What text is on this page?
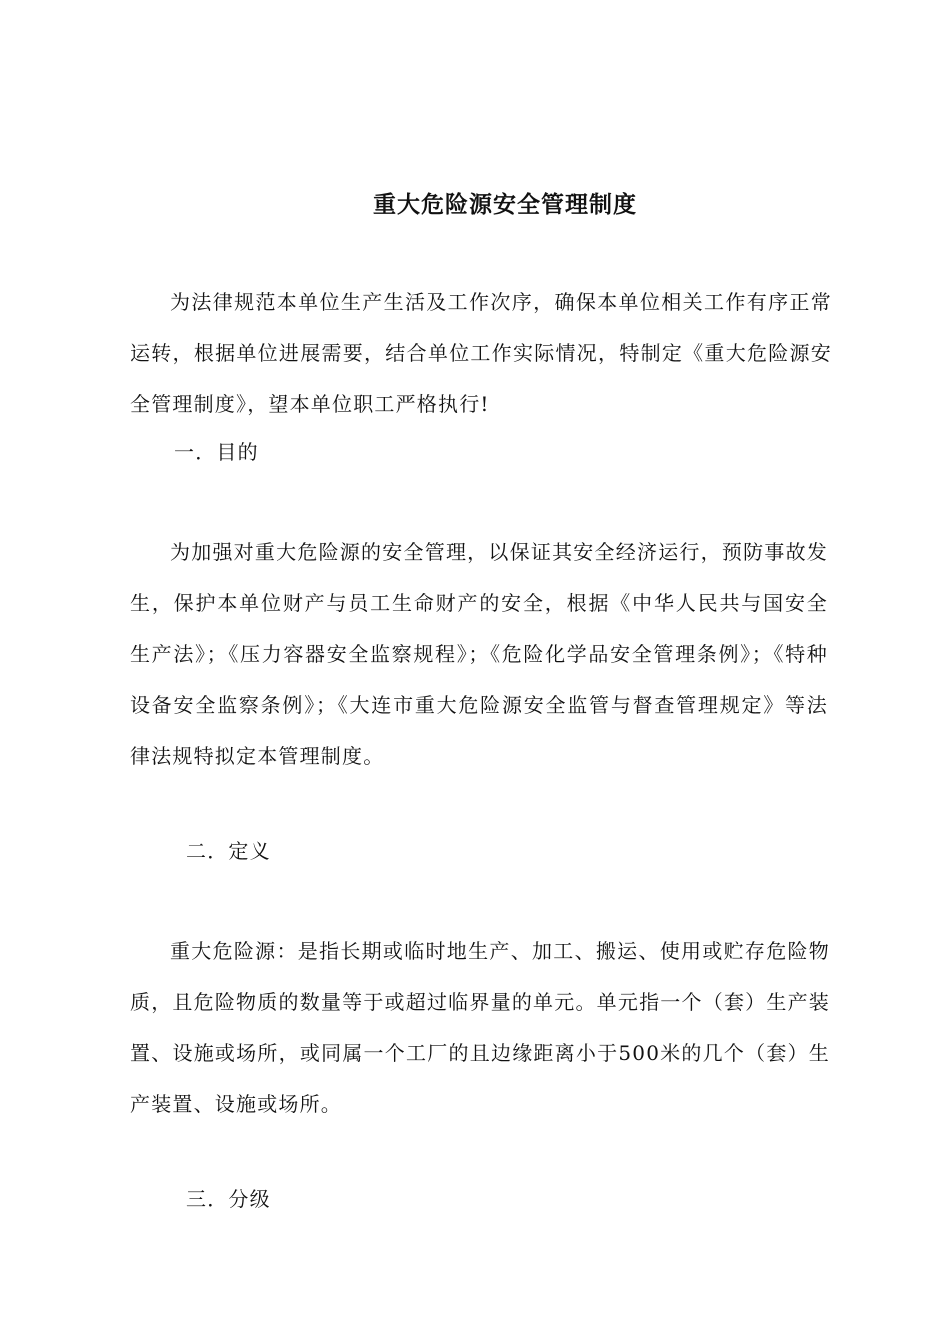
重大危险源安全管理制度

为法律规范本单位生产生活及工作次序，确保本单位相关工作有序正常运转，根据单位进展需要，结合单位工作实际情况，特制定《重大危险源安全管理制度》，望本单位职工严格执行!

一．目的

为加强对重大危险源的安全管理，以保证其安全经济运行，预防事故发生，保护本单位财产与员工生命财产的安全，根据《中华人民共与国安全生产法》；《压力容器安全监察规程》；《危险化学品安全管理条例》；《特种设备安全监察条例》；《大连市重大危险源安全监管与督查管理规定》等法律法规特拟定本管理制度。

二．定义

重大危险源：是指长期或临时地生产、加工、搬运、使用或贮存危险物质，且危险物质的数量等于或超过临界量的单元。单元指一个（套）生产装置、设施或场所，或同属一个工厂的且边缘距离小于500米的几个（套）生产装置、设施或场所。

三．分级
